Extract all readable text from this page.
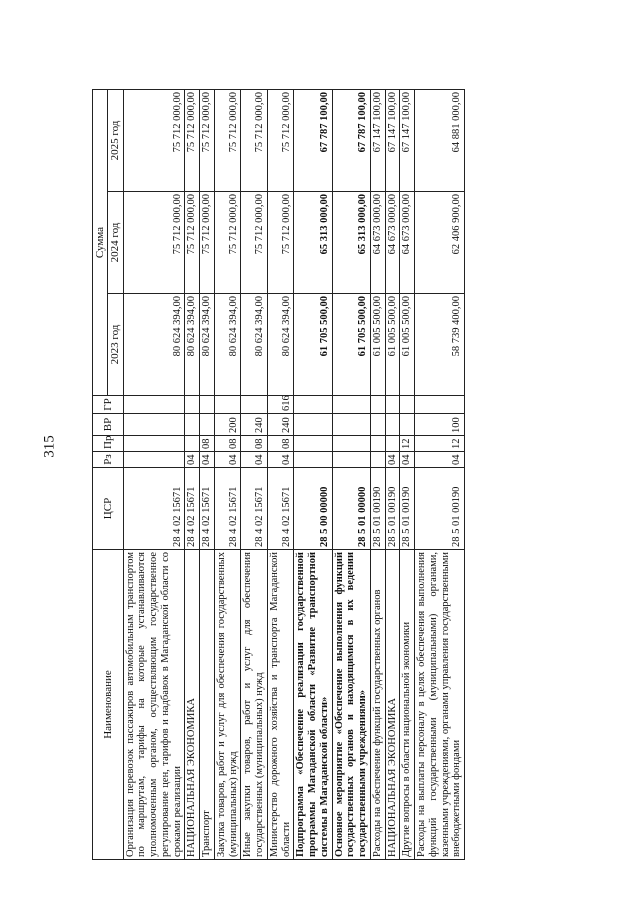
315
Наименование	ЦСР	Рз	Пр	ВР	ГР	Сумма		
						2023 год	2024 год	2025 год
Организация перевозок пассажиров автомобильным транспортом по маршрутам, тарифы на которые устанавливаются уполномоченным органом, осуществляющим государственное регулирование цен, тарифов и надбавок в Магаданской области со сроками реализации	28 4 02 15671					80 624 394,00	75 712 000,00	75 712 000,00
НАЦИОНАЛЬНАЯ ЭКОНОМИКА	28 4 02 15671	04				80 624 394,00	75 712 000,00	75 712 000,00
Транспорт	28 4 02 15671	04	08			80 624 394,00	75 712 000,00	75 712 000,00
Закупка товаров, работ и услуг для обеспечения государственных (муниципальных) нужд	28 4 02 15671	04	08	200		80 624 394,00	75 712 000,00	75 712 000,00
Иные закупки товаров, работ и услуг для обеспечения государственных (муниципальных) нужд	28 4 02 15671	04	08	240		80 624 394,00	75 712 000,00	75 712 000,00
Министерство дорожного хозяйства и транспорта Магаданской области	28 4 02 15671	04	08	240	616	80 624 394,00	75 712 000,00	75 712 000,00
Подпрограмма «Обеспечение реализации государственной программы Магаданской области «Развитие транспортной системы в Магаданской области»	28 5 00 00000					61 705 500,00	65 313 000,00	67 787 100,00
Основное мероприятие «Обеспечение выполнения функций государственных органов и находящимися в их ведении государственными учреждениями»	28 5 01 00000					61 705 500,00	65 313 000,00	67 787 100,00
Расходы на обеспечение функций государственных органов	28 5 01 00190					61 005 500,00	64 673 000,00	67 147 100,00
НАЦИОНАЛЬНАЯ ЭКОНОМИКА	28 5 01 00190	04				61 005 500,00	64 673 000,00	67 147 100,00
Другие вопросы в области национальной экономики	28 5 01 00190	04	12			61 005 500,00	64 673 000,00	67 147 100,00
Расходы на выплаты персоналу в целях обеспечения выполнения функций государственными (муниципальными) органами, казенными учреждениями, органами управления государственными внебюджетными фондами	28 5 01 00190	04	12	100		58 739 400,00	62 406 900,00	64 881 000,00
